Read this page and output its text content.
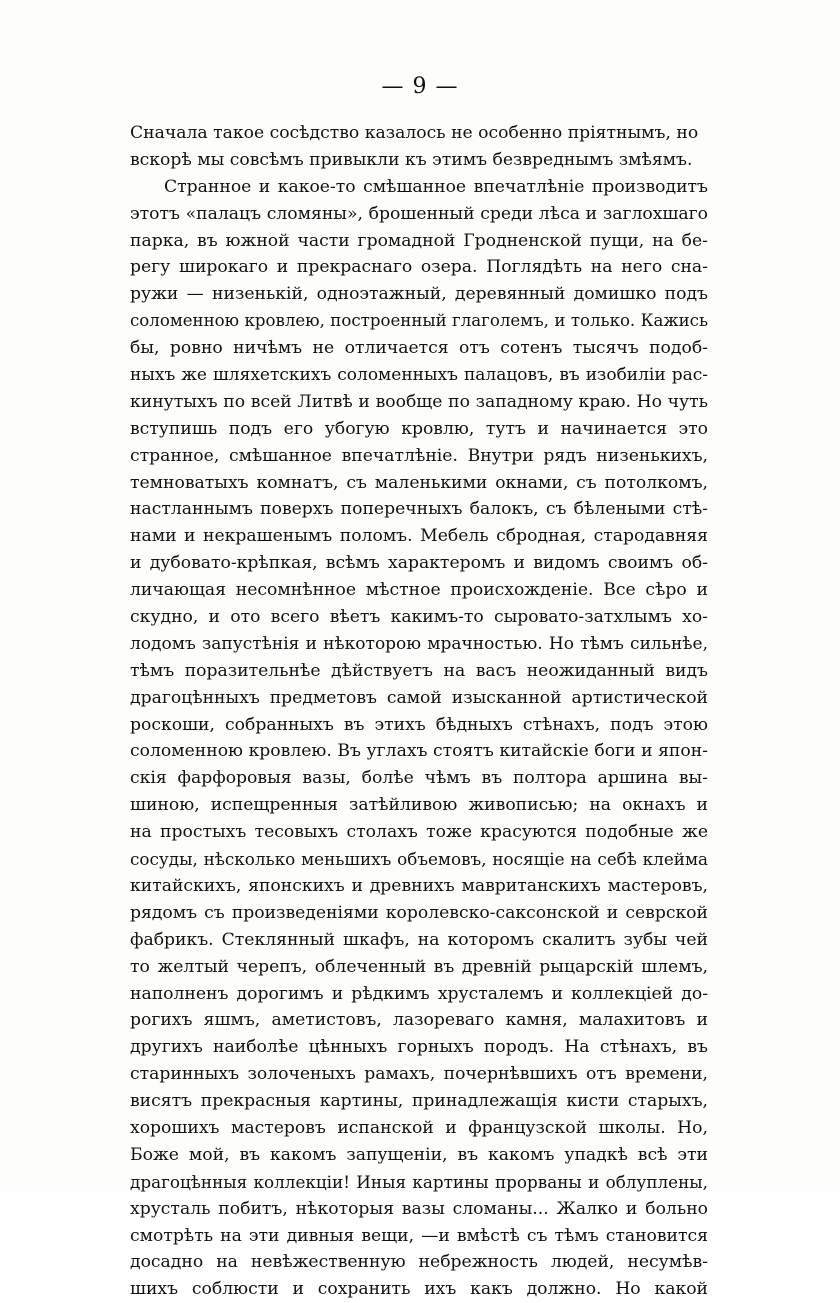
— 9 —
Сначала такое сосѣдство казалось не особенно пріятнымъ, но
вскорѣ мы совсѣмъ привыкли къ этимъ безвреднымъ змѣямъ.
Странное и какое-то смѣшанное впечатлѣніе производитъ
этотъ «палацъ сломяны», брошенный среди лѣса и заглохшаго
парка, въ южной части громадной Гродненской пущи, на бе-
регу широкаго и прекраснаго озера. Поглядѣть на него сна-
ружи — низенькій, одноэтажный, деревянный домишко подъ
соломенною кровлею, построенный глаголемъ, и только. Кажись
бы, ровно ничѣмъ не отличается отъ сотенъ тысячъ подоб-
ныхъ же шляхетскихъ соломенныхъ палацовъ, въ изобиліи рас-
кинутыхъ по всей Литвѣ и вообще по западному краю. Но чуть
вступишь подъ его убогую кровлю, тутъ и начинается это
странное, смѣшанное впечатлѣніе. Внутри рядъ низенькихъ,
темноватыхъ комнатъ, съ маленькими окнами, съ потолкомъ,
настланнымъ поверхъ поперечныхъ балокъ, съ бѣлеными стѣ-
нами и некрашенымъ поломъ. Мебель сбродная, стародавняя
и дубовато-крѣпкая, всѣмъ характеромъ и видомъ своимъ об-
личающая несомнѣнное мѣстное происхожденіе. Все сѣро и
скудно, и ото всего вѣетъ какимъ-то сыровато-затхлымъ хо-
лодомъ запустѣнія и нѣкоторою мрачностью. Но тѣмъ сильнѣе,
тѣмъ поразительнѣе дѣйствуетъ на васъ неожиданный видъ
драгоцѣнныхъ предметовъ самой изысканной артистической
роскоши, собранныхъ въ этихъ бѣдныхъ стѣнахъ, подъ этою
соломенною кровлею. Въ углахъ стоятъ китайскіе боги и япон-
скія фарфоровыя вазы, болѣе чѣмъ въ полтора аршина вы-
шиною, испещренныя затѣйливою живописью; на окнахъ и
на простыхъ тесовыхъ столахъ тоже красуются подобные же
сосуды, нѣсколько меньшихъ объемовъ, носящіе на себѣ клейма
китайскихъ, японскихъ и древнихъ мавританскихъ мастеровъ,
рядомъ съ произведеніями королевско-саксонской и севрской
фабрикъ. Стеклянный шкафъ, на которомъ скалитъ зубы чей
то желтый черепъ, облеченный въ древній рыцарскій шлемъ,
наполненъ дорогимъ и рѣдкимъ хрусталемъ и коллекціей до-
рогихъ яшмъ, аметистовъ, лазореваго камня, малахитовъ и
другихъ наиболѣе цѣнныхъ горныхъ породъ. На стѣнахъ, въ
старинныхъ золоченыхъ рамахъ, почернѣвшихъ отъ времени,
висятъ прекрасныя картины, принадлежащія кисти старыхъ,
хорошихъ мастеровъ испанской и французской школы. Но,
Боже мой, въ какомъ запущеніи, въ какомъ упадкѣ всѣ эти
драгоцѣнныя коллекціи! Иныя картины прорваны и облуплены,
хрусталь побитъ, нѣкоторыя вазы сломаны... Жалко и больно
смотрѣть на эти дивныя вещи, —и вмѣстѣ съ тѣмъ становится
досадно на невѣжественную небрежность людей, несумѣв-
шихъ соблюсти и сохранить ихъ какъ должно. Но какой
